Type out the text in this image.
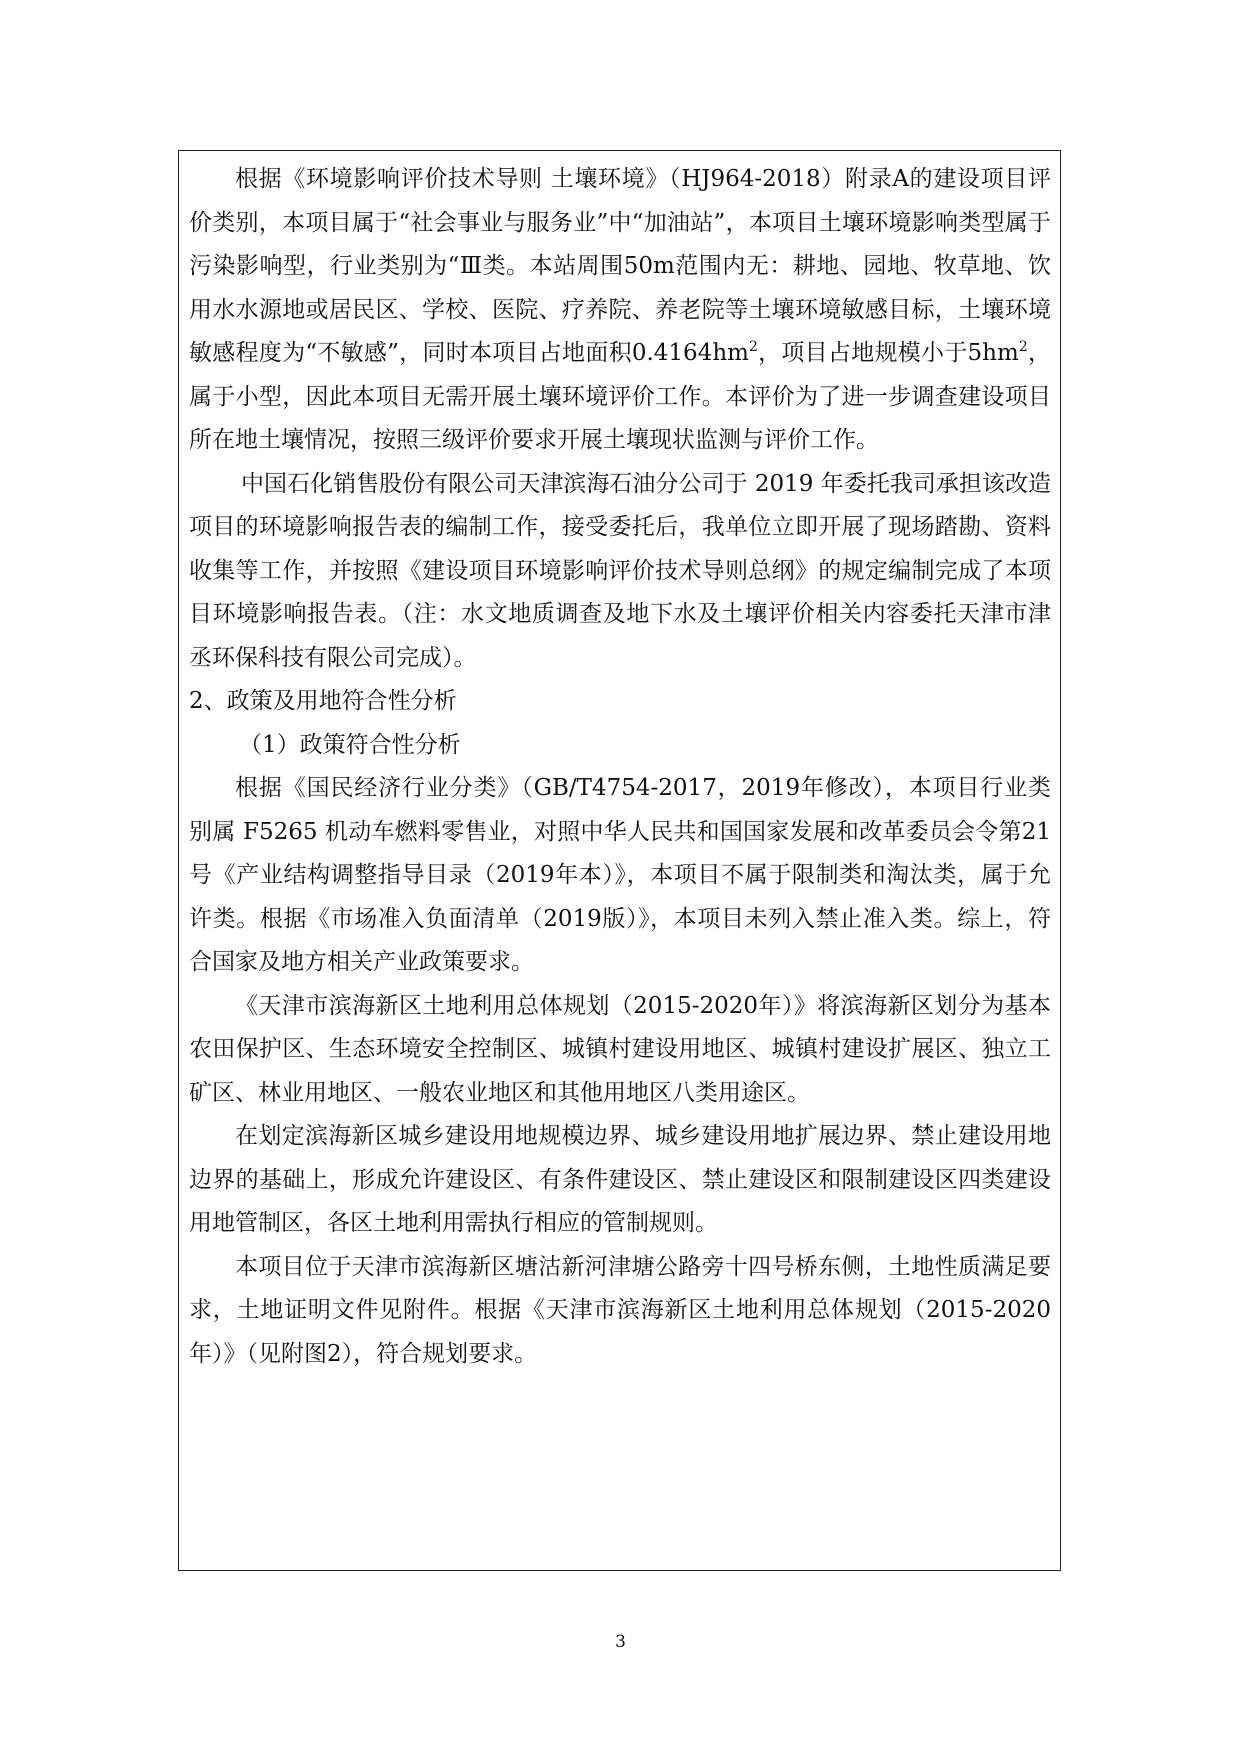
根据《环境影响评价技术导则 土壤环境》（HJ964-2018）附录A的建设项目评价类别，本项目属于“社会事业与服务业”中“加油站”，本项目土壤环境影响类型属于污染影响型，行业类别为“Ⅲ类。本站周围50m范围内无：耕地、园地、牧草地、饮用水水源地或居民区、学校、医院、疗养院、养老院等土壤环境敏感目标，土壤环境敏感程度为“不敏感”，同时本项目占地面积$0.4164hm^2$，项目占地规模小于$5hm^2$，属于小型，因此本项目无需开展土壤环境评价工作。本评价为了进一步调查建设项目所在地土壤情况，按照三级评价要求开展土壤现状监测与评价工作。

中国石化销售股份有限公司天津滨海石油分公司于 2019 年委托我司承担该改造项目的环境影响报告表的编制工作，接受委托后，我单位立即开展了现场踏勘、资料收集等工作，并按照《建设项目环境影响评价技术导则总纲》的规定编制完成了本项目环境影响报告表。（注：水文地质调查及地下水及土壤评价相关内容委托天津市津丞环保科技有限公司完成）。

2、政策及用地符合性分析

（1）政策符合性分析

根据《国民经济行业分类》（GB/T4754-2017，2019年修改），本项目行业类别属 F5265 机动车燃料零售业，对照中华人民共和国国家发展和改革委员会令第21号《产业结构调整指导目录（2019年本）》，本项目不属于限制类和淘汰类，属于允许类。根据《市场准入负面清单（2019版）》，本项目未列入禁止准入类。综上，符合国家及地方相关产业政策要求。

《天津市滨海新区土地利用总体规划（2015-2020年）》将滨海新区划分为基本农田保护区、生态环境安全控制区、城镇村建设用地区、城镇村建设扩展区、独立工矿区、林业用地区、一般农业地区和其他用地区八类用途区。

在划定滨海新区城乡建设用地规模边界、城乡建设用地扩展边界、禁止建设用地边界的基础上，形成允许建设区、有条件建设区、禁止建设区和限制建设区四类建设用地管制区，各区土地利用需执行相应的管制规则。

本项目位于天津市滨海新区塘沽新河津塘公路旁十四号桥东侧，土地性质满足要求，土地证明文件见附件。根据《天津市滨海新区土地利用总体规划（2015-2020年）》（见附图2），符合规划要求。

3
